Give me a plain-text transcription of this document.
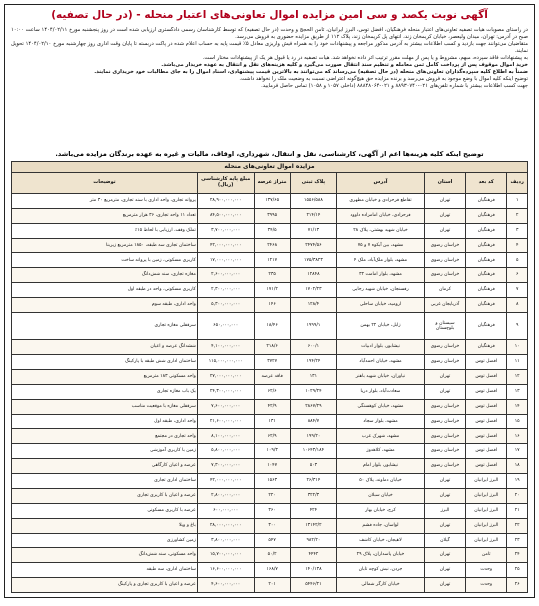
آگهی نوبت یکصد و سی امین مزایده اموال تعاونی‌های اعتبار منحله - (در حال تصفیه)

در راستای مصوبات هیات تصفیه تعاونی‌های اعتبار منحله فرهنگیان، افضل توس، البرز ایرانیان، ثامن الحجج و وحدت (در حال تصفیه) که توسط کارشناسان رسمی دادگستری ارزیابی شده است در روز پنجشنبه مورخ ۱۴۰۴/۰۲/۱۱ ساعت ۱۰:۰۰ صبح در آدرس: تهران، میدان ولیعصر، خیابان کریمخان زند، انتهای پل کریمخان زند، پلاک ۱۱۲ از طریق مزایده حضوری به فروش می‌رسد.

متقاضیان می‌توانند جهت بازدید و کسب اطلاعات بیشتر به آدرس مذکور مراجعه و پیشنهادات خود را به همراه فیش واریزی معادل ۵٪ قیمت پایه به حساب اعلام شده در پاکت دربسته تا پایان وقت اداری روز چهارشنبه مورخ ۱۴۰۴/۰۲/۱۰ تحویل نمایند.

به پیشنهادات فاقد سپرده، مبهم، مشروط و یا پس از مهلت مقرر ترتیب اثر داده نخواهد شد. هیات تصفیه در رد یا قبول هر یک از پیشنهادات مختار است.

خرید اموال موقوف پس از پرداخت کامل ثمن معامله و تنظیم سند انتقال صورت می‌گیرد و کلیه هزینه‌های نقل و انتقال به عهده خریدار می‌باشد.

ضمناً به اطلاع کلیه سپرده‌گذاران تعاونی‌های منحله (در حال تصفیه) می‌رساند که می‌توانند به بالاترین قیمت پیشنهادی، اسناد اموال را به جای مطالبات خود خریداری نمایند.

توضیح اینکه کلیه اموال با وضع موجود به فروش می‌رسد و برنده مزایده حق هیچ‌گونه اعتراضی نسبت به وضعیت ملک را نخواهد داشت.

جهت کسب اطلاعات بیشتر با شماره تلفن‌های ۰۲۱-۸۸۹۳۰۷۴۰ و ۰۲۱-۸۸۸۴۸۰۶۴ (داخلی ۱۰۵۷ و ۱۰۵۸) تماس حاصل فرمایید.

توضیح اینکه کلیه هزینه‌ها اعم از آگهی، کارشناسی، نقل و انتقال، شهرداری، اوقاف، مالیات و غیره به عهده برندگان مزایده می‌باشد.
مزایده اموال تعاونی‌های منحله							
ردیف	کد بعد	استان	آدرس	پلاک ثبتی	متراژ عرصه	مبلغ پایه کارشناسی (ریال)	توضیحات
۱	فرهنگیان	تهران	تقاطع فرحزادی و خیابان مطهری	۱۵۵۶/۵۸۸	۱۳۷/۶۵	۲۸,۹۰۰,۰۰۰,۰۰۰	پروانه تجاری، واحد اداری با سند تجاری، مترمربع ۳۰ متر
۲	فرهنگیان	تهران	فرحزادی، خیابان امامزاده داوود	۲۱۴/۱۴	۳۹۹۵	۸۴,۵۰۰,۰۰۰,۰۰۰	تعداد ۱۱ واحد تجاری، ۳۶ هزار مترمربع
۳	فرهنگیان	تهران	خیابان شهید بهشتی، پلاک ۲۸	۷۱/۱۳	۳۴/۵	۳,۷۰۰,۰۰۰,۰۰۰	تملک وقف، ارزیابی با لحاظ ۱۵٪
۴	فرهنگیان	خراسان رضوی	مشهد، بین آبکوه ۷ و ۷۵	۲۴۷۴/۵۶	۲۴۶۸	۴۲,۰۰۰,۰۰۰,۰۰۰	ساختمان تجاری سه طبقه، ۱۸۵۰ مترمربع زیربنا
۵	فرهنگیان	خراسان رضوی	مشهد، بلوار ملک‌آباد، ملک ۴	۱۷۵/۳۸۲۳	۱۲۱۷	۱۷,۰۰۰,۰۰۰,۰۰۰	کاربری مسکونی، زمین با پروانه ساخت
۶	فرهنگیان	خراسان رضوی	مشهد، بلوار امامت ۳۲	۱۲۸۴۸	۲۳۵	۲,۶۰۰,۰۰۰,۰۰۰	مغازه تجاری، سند شش‌دانگ
۷	فرهنگیان	کرمان	رفسنجان، خیابان شهید رجایی	۱۷۰۲/۲۳	۱۷۱/۲	۲,۳۰۰,۰۰۰,۰۰۰	کاربری مسکونی، واحد در طبقه اول
۸	فرهنگیان	آذربایجان غربی	ارومیه، خیابان ساحلی	۱۲۸/۴	۱۴۶	۵,۳۰۰,۰۰۰,۰۰۰	واحد اداری، طبقه سوم
۹	فرهنگیان	سیستان و بلوچستان	زابل، خیابان ۲۲ بهمن	۱۹۹۹/۱	۱۸/۴۶	۶۵۰,۰۰۰,۰۰۰	سرقفلی مغازه تجاری
۱۰	فرهنگیان	خراسان رضوی	نیشابور، بلوار ادبیات	۶۰۰/۱	۲۱۸/۶	۴,۱۰۰,۰۰۰,۰۰۰	ششدانگ عرصه و اعیان
۱۱	افضل توس	خراسان رضوی	مشهد، خیابان احمدآباد	۱۹۴/۲۴	۳۷۲۷	۱۱۵,۰۰۰,۰۰۰,۰۰۰	ساختمان اداری شش طبقه با پارکینگ
۱۲	افضل توس	تهران	نیاوران، خیابان شهید باهنر	۱۳۱	فاقد عرصه	۲۷,۰۰۰,۰۰۰,۰۰۰	واحد مسکونی ۱۸۳ مترمربع
۱۳	افضل توس	تهران	سعادت‌آباد، بلوار دریا	۱۰۲۹/۲۴	۶۲/۶	۲۴,۳۰۰,۰۰۰,۰۰۰	یک باب مغازه تجاری
۱۴	افضل توس	خراسان رضوی	مشهد، خیابان کوهسنگی	۲۸۶۷/۲۹	۴۲/۹	۷,۶۰۰,۰۰۰,۰۰۰	سرقفلی مغازه با موقعیت مناسب
۱۵	افضل توس	خراسان رضوی	مشهد، بلوار سجاد	۸۸۴/۷	۱۳۱	۲۱,۶۰۰,۰۰۰,۰۰۰	واحد اداری، طبقه اول
۱۶	افضل توس	خراسان رضوی	مشهد، شهرک غرب	۱۹۹/۲۰	۶۲/۹	۸,۱۰۰,۰۰۰,۰۰۰	واحد تجاری در مجتمع
۱۷	افضل توس	خراسان رضوی	مشهد، کلاهدوز	۱۰۶۴۳/۱۸۴	۱۰۹/۳	۵,۸۰۰,۰۰۰,۰۰۰	زمین با کاربری آموزشی
۱۸	افضل توس	خراسان رضوی	نیشابور، بلوار امام	۵۰۳	۱۰۴۷	۷,۳۰۰,۰۰۰,۰۰۰	عرصه و اعیان کارگاهی
۱۹	البرز ایرانیان	تهران	خیابان دماوند، پلاک ۵۰	۲۶/۳۱۴	۱۵۶۳	۴۲,۰۰۰,۰۰۰,۰۰۰	ساختمان اداری تجاری
۲۰	البرز ایرانیان	تهران	خیابان سبلان	۳۲۲/۳	۲۲۰	۲,۸۰۰,۰۰۰,۰۰۰	عرصه و اعیان با کاربری تجاری
۲۱	البرز ایرانیان	البرز	کرج، خیابان بهار	۴۲۴	۳۶۰	۶۰۰,۰۰۰,۰۰۰	عرصه با کاربری مسکونی
۲۲	البرز ایرانیان	تهران	لواسان، جاده فشم	۱۳۱۴۲/۲	۳۰۰	۲۸,۰۰۰,۰۰۰,۰۰۰	باغ و ویلا
۲۳	البرز ایرانیان	گیلان	لاهیجان، خیابان کاشف	۹۸۲/۲۰	۵۴۷	۳,۸۰۰,۰۰۰,۰۰۰	زمین کشاورزی
۲۴	ثامن	تهران	خیابان پاسداران، پلاک ۲۹	۴۴۴۲	۵۰/۲	۱۵,۷۰۰,۰۰۰,۰۰۰	واحد مسکونی، سند شش‌دانگ
۲۵	وحدت	تهران	جردن، نبش کوچه تابان	۱۴۰/۱۳۸	۱۶۸/۷	۱۶,۶۰۰,۰۰۰,۰۰۰	ساختمان اداری، سه طبقه
۲۶	وحدت	تهران	خیابان کارگر شمالی	۵۴۴۶/۲۱	۲۰۱	۴,۶۰۰,۰۰۰,۰۰۰	عرصه و اعیان با کاربری تجاری و پارکینگ
